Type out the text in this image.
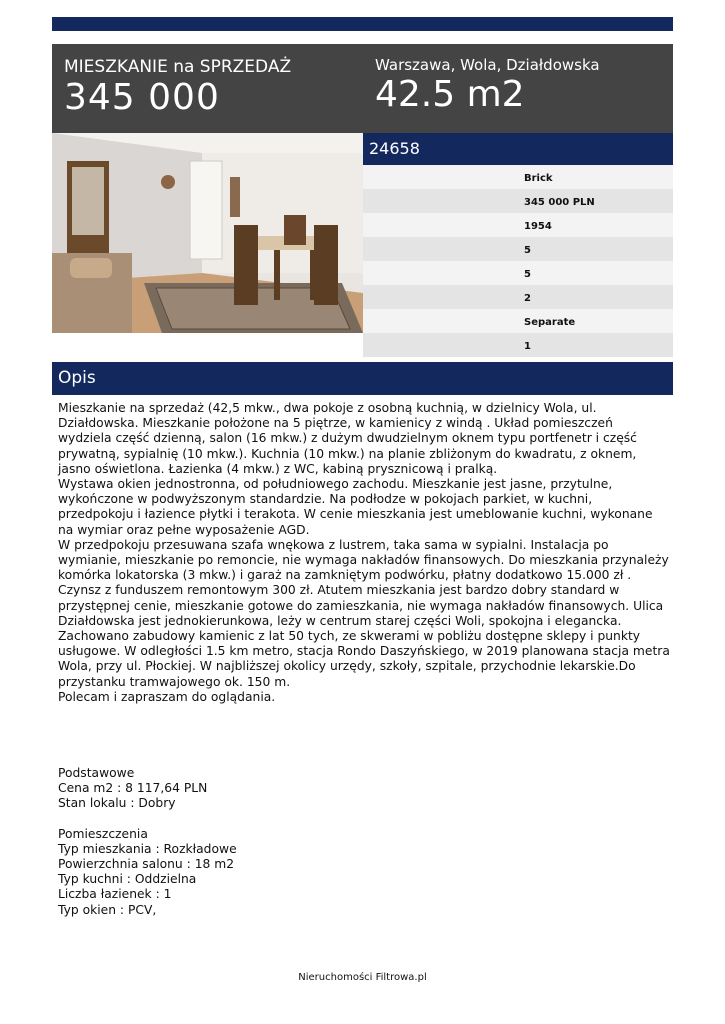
MIESZKANIE na SPRZEDAŻ
345 000
Warszawa, Wola, Działdowska
42.5 m2
24658
Brick
345 000 PLN
1954
5
5
2
Separate
1
Opis

Mieszkanie na sprzedaż (42,5 mkw., dwa pokoje z osobną kuchnią, w dzielnicy Wola, ul. Działdowska. Mieszkanie położone na 5 piętrze, w kamienicy z windą . Układ pomieszczeń wydziela część dzienną, salon (16 mkw.) z dużym dwudzielnym oknem typu portfenetr i część prywatną, sypialnię (10 mkw.). Kuchnia (10 mkw.) na planie zbliżonym do kwadratu, z oknem, jasno oświetlona. Łazienka (4 mkw.) z WC, kabiną prysznicową i pralką.

Wystawa okien jednostronna, od południowego zachodu. Mieszkanie jest jasne, przytulne, wykończone w podwyższonym standardzie. Na podłodze w pokojach parkiet, w kuchni, przedpokoju i łazience płytki i terakota. W cenie mieszkania jest umeblowanie kuchni, wykonane na wymiar oraz pełne wyposażenie AGD.

W przedpokoju przesuwana szafa wnękowa z lustrem, taka sama w sypialni. Instalacja po wymianie, mieszkanie po remoncie, nie wymaga nakładów finansowych. Do mieszkania przynależy komórka lokatorska (3 mkw.) i garaż na zamkniętym podwórku, płatny dodatkowo 15.000 zł . Czynsz z funduszem remontowym 300 zł. Atutem mieszkania jest bardzo dobry standard w przystępnej cenie, mieszkanie gotowe do zamieszkania, nie wymaga nakładów finansowych. Ulica Działdowska jest jednokierunkowa, leży w centrum starej części Woli, spokojna i elegancka. Zachowano zabudowy kamienic z lat 50 tych, ze skwerami w pobliżu dostępne sklepy i punkty usługowe. W odległości 1.5 km metro, stacja Rondo Daszyńskiego, w 2019 planowana stacja metra Wola, przy ul. Płockiej. W najbliższej okolicy urzędy, szkoły, szpitale, przychodnie lekarskie.Do przystanku tramwajowego ok. 150 m.

Polecam i zapraszam do oglądania.

Podstawowe
Cena m2 : 8 117,64 PLN
Stan lokalu : Dobry
Pomieszczenia
Typ mieszkania : Rozkładowe
Powierzchnia salonu : 18 m2
Typ kuchni : Oddzielna
Liczba łazienek : 1
Typ okien : PCV,
Nieruchomości Filtrowa.pl
